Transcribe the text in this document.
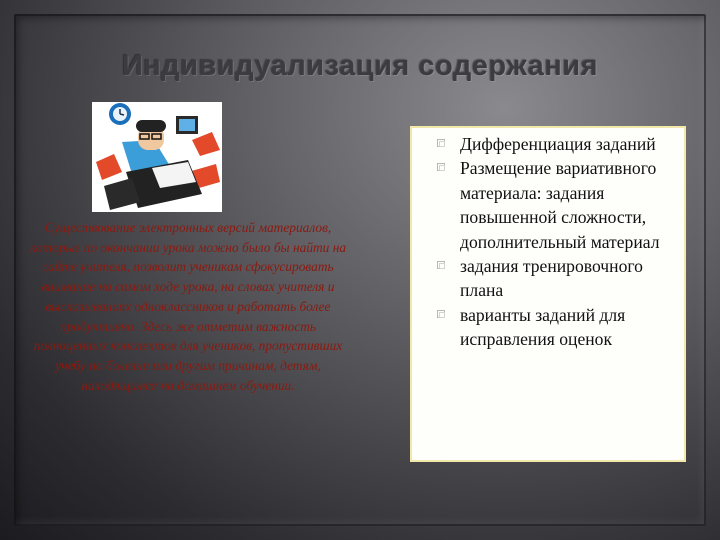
Индивидуализация содержания
Существование электронных версий материалов, которые по окончании урока можно было бы найти на сайте учителя, позволит ученикам сфокусировать внимание на самом ходе урока, на словах учителя и высказываниях одноклассников и работать более продуктивно. Здесь же отметим важность полноценных конспектов для учеников, пропустивших учебу по болезни или другим причинам, детям, находящимся на домашнем обучении.
Дифференциация заданий
Размещение вариативного материала: задания повышенной сложности, дополнительный материал
задания тренировочного плана
варианты заданий для исправления оценок
